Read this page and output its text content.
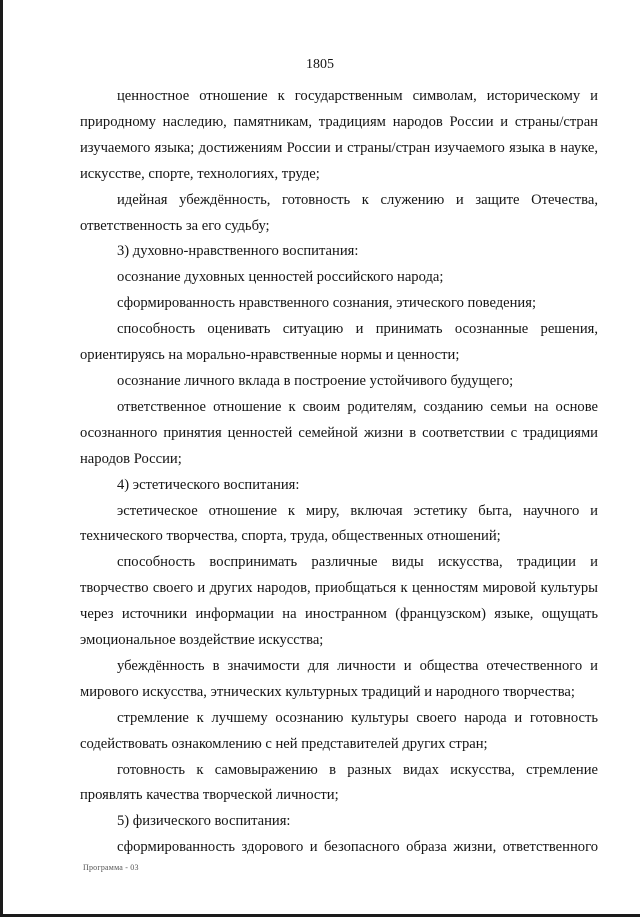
1805

ценностное отношение к государственным символам, историческому и природному наследию, памятникам, традициям народов России и страны/стран изучаемого языка; достижениям России и страны/стран изучаемого языка в науке, искусстве, спорте, технологиях, труде;

идейная убеждённость, готовность к служению и защите Отечества, ответственность за его судьбу;

3) духовно-нравственного воспитания:

осознание духовных ценностей российского народа;

сформированность нравственного сознания, этического поведения;

способность оценивать ситуацию и принимать осознанные решения, ориентируясь на морально-нравственные нормы и ценности;

осознание личного вклада в построение устойчивого будущего;

ответственное отношение к своим родителям, созданию семьи на основе осознанного принятия ценностей семейной жизни в соответствии с традициями народов России;

4) эстетического воспитания:

эстетическое отношение к миру, включая эстетику быта, научного и технического творчества, спорта, труда, общественных отношений;

способность воспринимать различные виды искусства, традиции и творчество своего и других народов, приобщаться к ценностям мировой культуры через источники информации на иностранном (французском) языке, ощущать эмоциональное воздействие искусства;

убеждённость в значимости для личности и общества отечественного и мирового искусства, этнических культурных традиций и народного творчества;

стремление к лучшему осознанию культуры своего народа и готовность содействовать ознакомлению с ней представителей других стран;

готовность к самовыражению в разных видах искусства, стремление проявлять качества творческой личности;

5) физического воспитания:

сформированность здорового и безопасного образа жизни, ответственного

Программа - 03
